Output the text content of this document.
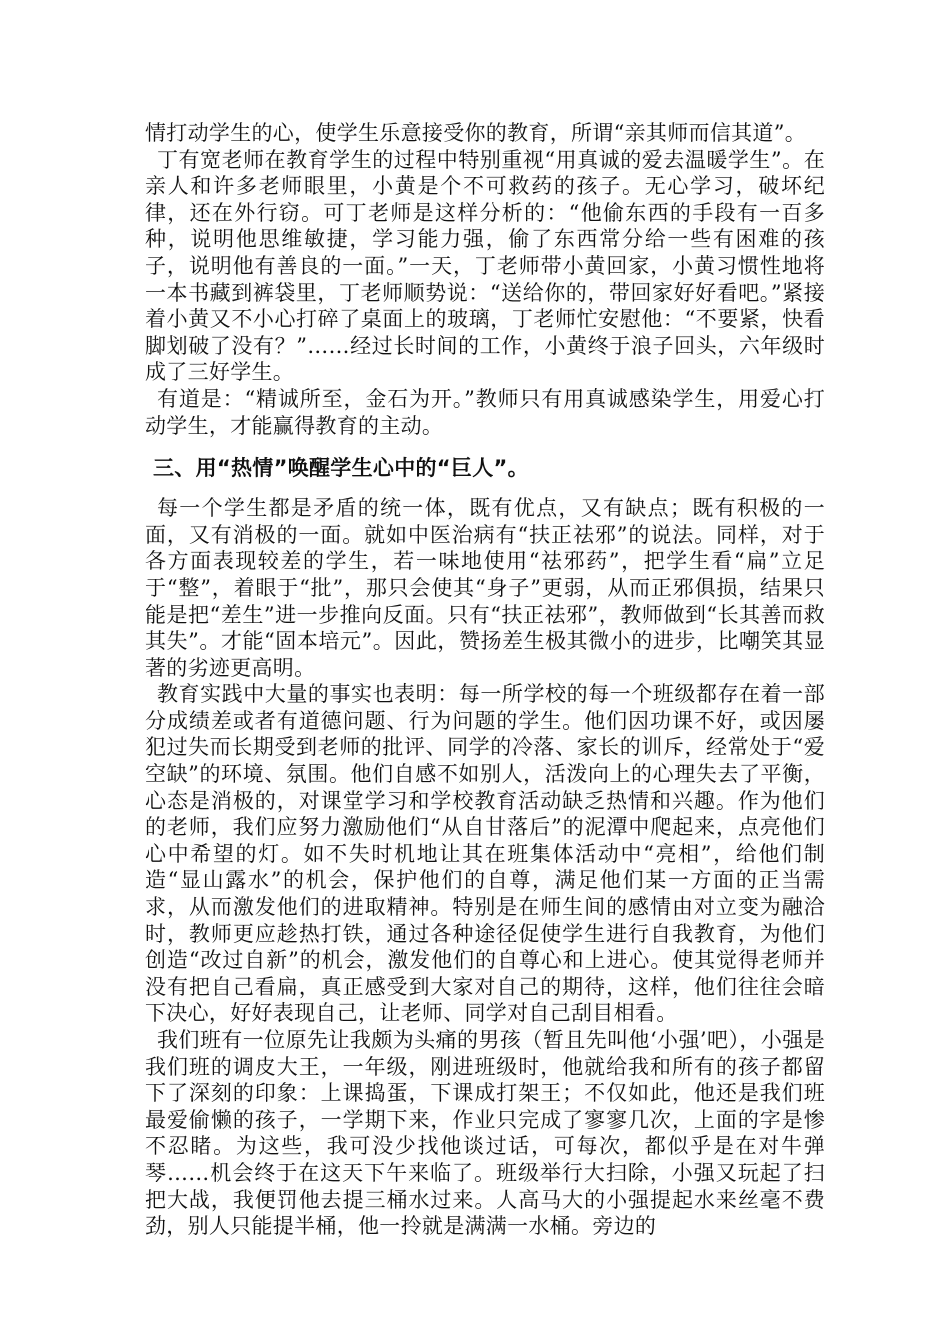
情打动学生的心，使学生乐意接受你的教育，所谓“亲其师而信其道”。

丁有宽老师在教育学生的过程中特别重视“用真诚的爱去温暖学生”。在亲人和许多老师眼里，小黄是个不可救药的孩子。无心学习，破坏纪律，还在外行窃。可丁老师是这样分析的：“他偷东西的手段有一百多种，说明他思维敏捷，学习能力强，偷了东西常分给一些有困难的孩子，说明他有善良的一面。”一天，丁老师带小黄回家，小黄习惯性地将一本书藏到裤袋里，丁老师顺势说：“送给你的，带回家好好看吧。”紧接着小黄又不小心打碎了桌面上的玻璃，丁老师忙安慰他：“不要紧，快看脚划破了没有？”……经过长时间的工作，小黄终于浪子回头，六年级时成了三好学生。

有道是：“精诚所至，金石为开。”教师只有用真诚感染学生，用爱心打动学生，才能赢得教育的主动。

三、用“热情”唤醒学生心中的“巨人”。

每一个学生都是矛盾的统一体，既有优点，又有缺点；既有积极的一面，又有消极的一面。就如中医治病有“扶正祛邪”的说法。同样，对于各方面表现较差的学生，若一味地使用“祛邪药”，把学生看“扁”立足于“整”，着眼于“批”，那只会使其“身子”更弱，从而正邪俱损，结果只能是把“差生”进一步推向反面。只有“扶正祛邪”，教师做到“长其善而救其失”。才能“固本培元”。因此，赞扬差生极其微小的进步，比嘲笑其显著的劣迹更高明。

教育实践中大量的事实也表明：每一所学校的每一个班级都存在着一部分成绩差或者有道德问题、行为问题的学生。他们因功课不好，或因屡犯过失而长期受到老师的批评、同学的冷落、家长的训斥，经常处于“爱空缺”的环境、氛围。他们自感不如别人，活泼向上的心理失去了平衡，心态是消极的，对课堂学习和学校教育活动缺乏热情和兴趣。作为他们的老师，我们应努力激励他们“从自甘落后”的泥潭中爬起来，点亮他们心中希望的灯。如不失时机地让其在班集体活动中“亮相”，给他们制造“显山露水”的机会，保护他们的自尊，满足他们某一方面的正当需求，从而激发他们的进取精神。特别是在师生间的感情由对立变为融洽时，教师更应趁热打铁，通过各种途径促使学生进行自我教育，为他们创造“改过自新”的机会，激发他们的自尊心和上进心。使其觉得老师并没有把自己看扁，真正感受到大家对自己的期待，这样，他们往往会暗下决心，好好表现自己，让老师、同学对自己刮目相看。

我们班有一位原先让我颇为头痛的男孩（暂且先叫他‘小强’吧），小强是我们班的调皮大王，一年级，刚进班级时，他就给我和所有的孩子都留下了深刻的印象：上课捣蛋，下课成打架王；不仅如此，他还是我们班最爱偷懒的孩子，一学期下来，作业只完成了寥寥几次，上面的字是惨不忍睹。为这些，我可没少找他谈过话，可每次，都似乎是在对牛弹琴……机会终于在这天下午来临了。班级举行大扫除，小强又玩起了扫把大战，我便罚他去提三桶水过来。人高马大的小强提起水来丝毫不费劲，别人只能提半桶，他一拎就是满满一水桶。旁边的
